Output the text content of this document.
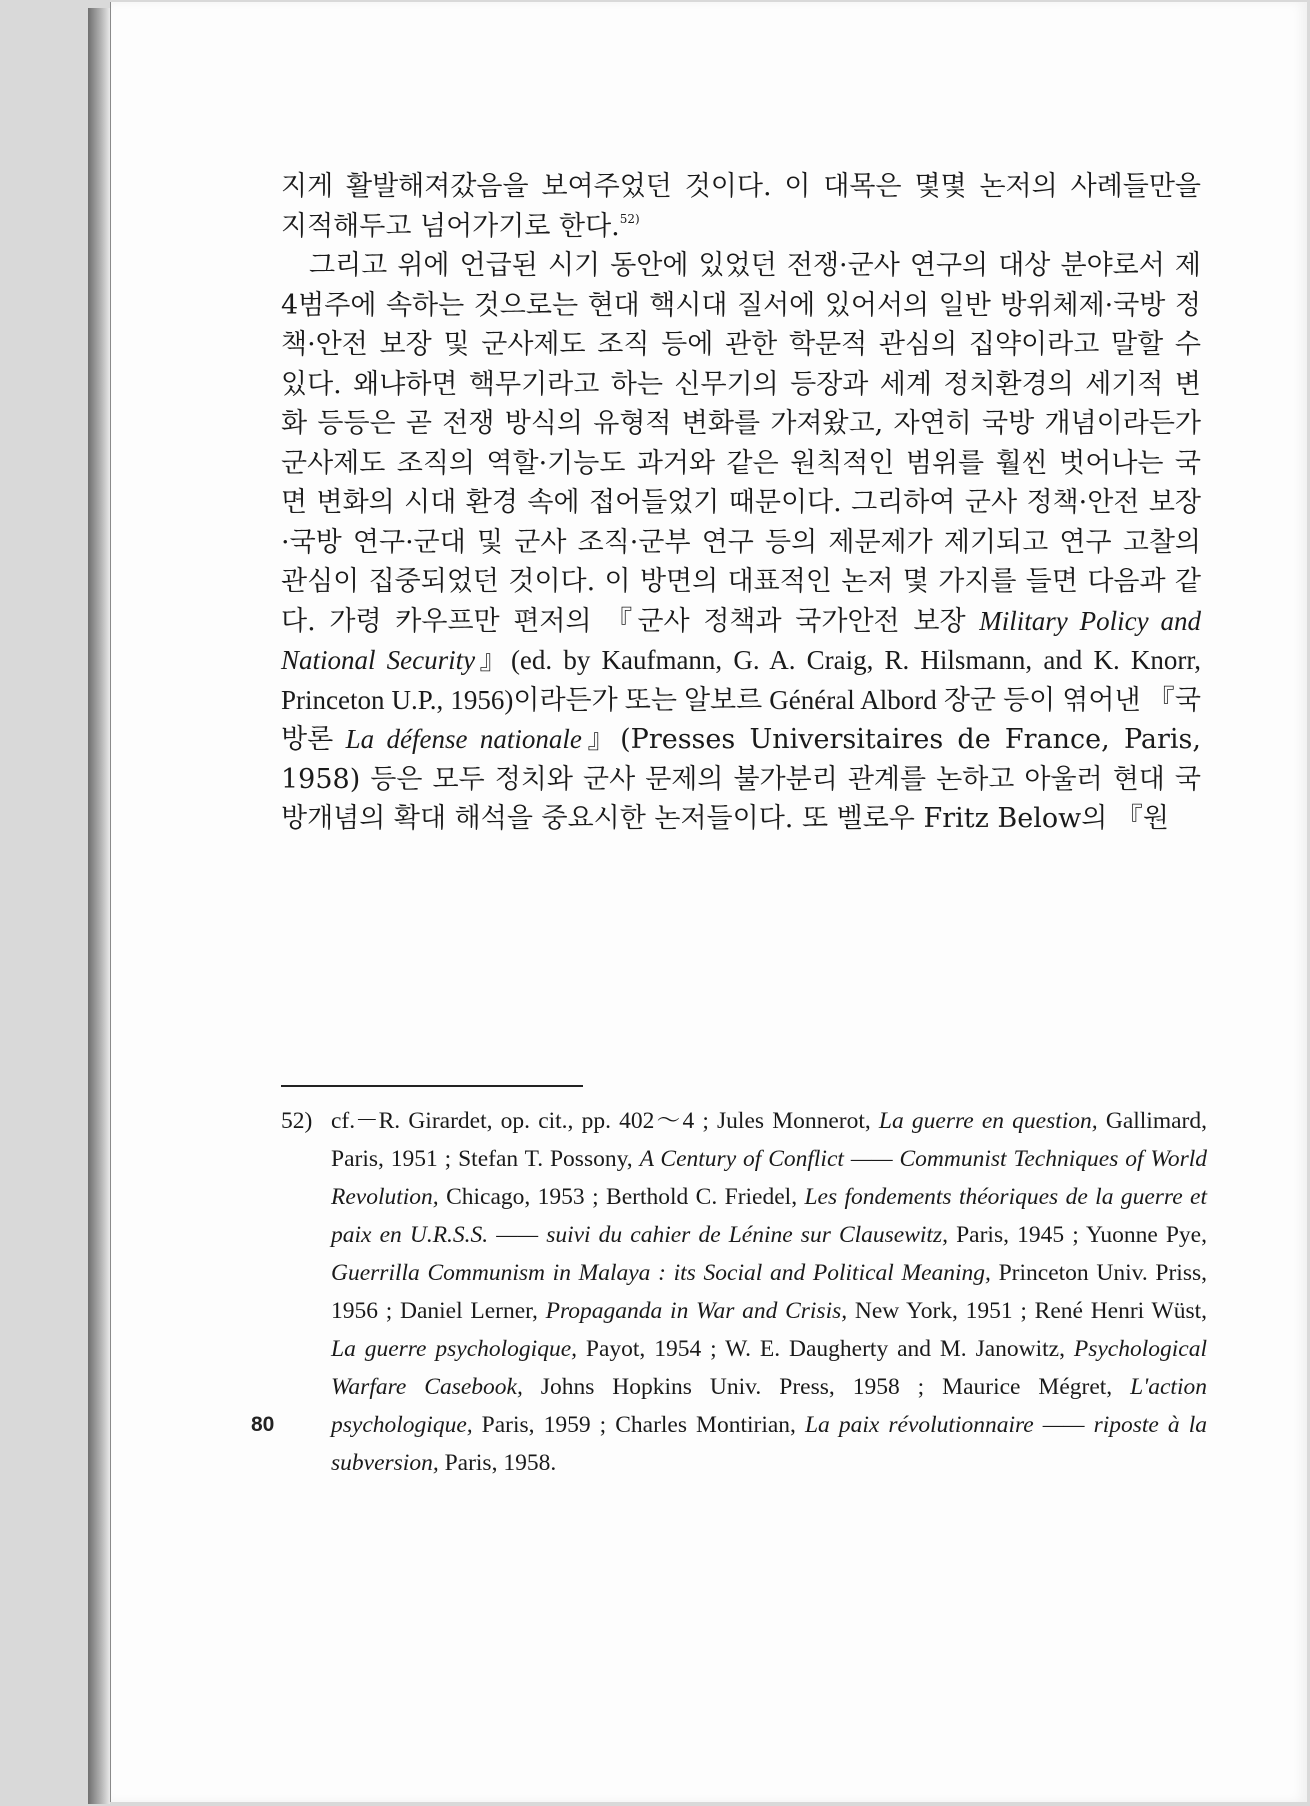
지게 활발해져갔음을 보여주었던 것이다. 이 대목은 몇몇 논저의 사례들만을 지적해두고 넘어가기로 한다.$^{52)}$

그리고 위에 언급된 시기 동안에 있었던 전쟁·군사 연구의 대상 분야로서 제4범주에 속하는 것으로는 현대 핵시대 질서에 있어서의 일반 방위체제·국방 정책·안전 보장 및 군사제도 조직 등에 관한 학문적 관심의 집약이라고 말할 수 있다. 왜냐하면 핵무기라고 하는 신무기의 등장과 세계 정치환경의 세기적 변화 등등은 곧 전쟁 방식의 유형적 변화를 가져왔고, 자연히 국방 개념이라든가 군사제도 조직의 역할·기능도 과거와 같은 원칙적인 범위를 훨씬 벗어나는 국면 변화의 시대 환경 속에 접어들었기 때문이다. 그리하여 군사 정책·안전 보장·국방 연구·군대 및 군사 조직·군부 연구 등의 제문제가 제기되고 연구 고찰의 관심이 집중되었던 것이다. 이 방면의 대표적인 논저 몇 가지를 들면 다음과 같다. 가령 카우프만 편저의 『군사 정책과 국가안전 보장 Military Policy and National Security』(ed. by Kaufmann, G. A. Craig, R. Hilsmann, and K. Knorr, Princeton U.P., 1956)이라든가 또는 알보르 Général Albord 장군 등이 엮어낸 『국방론 La défense nationale』(Presses Universitaires de France, Paris, 1958) 등은 모두 정치와 군사 문제의 불가분리 관계를 논하고 아울러 현대 국방개념의 확대 해석을 중요시한 논저들이다. 또 벨로우 Fritz Below의 『원

52) cf.－R. Girardet, op. cit., pp. 402～4 ; Jules Monnerot, La guerre en question, Gallimard, Paris, 1951 ; Stefan T. Possony, A Century of Conflict —— Communist Techniques of World Revolution, Chicago, 1953 ; Berthold C. Friedel, Les fondements théoriques de la guerre et paix en U.R.S.S. —— suivi du cahier de Lénine sur Clausewitz, Paris, 1945 ; Yuonne Pye, Guerrilla Communism in Malaya : its Social and Political Meaning, Princeton Univ. Priss, 1956 ; Daniel Lerner, Propaganda in War and Crisis, New York, 1951 ; René Henri Wüst, La guerre psychologique, Payot, 1954 ; W. E. Daugherty and M. Janowitz, Psychological Warfare Casebook, Johns Hopkins Univ. Press, 1958 ; Maurice Mégret, L'action psychologique, Paris, 1959 ; Charles Montirian, La paix révolutionnaire —— riposte à la subversion, Paris, 1958.
80
